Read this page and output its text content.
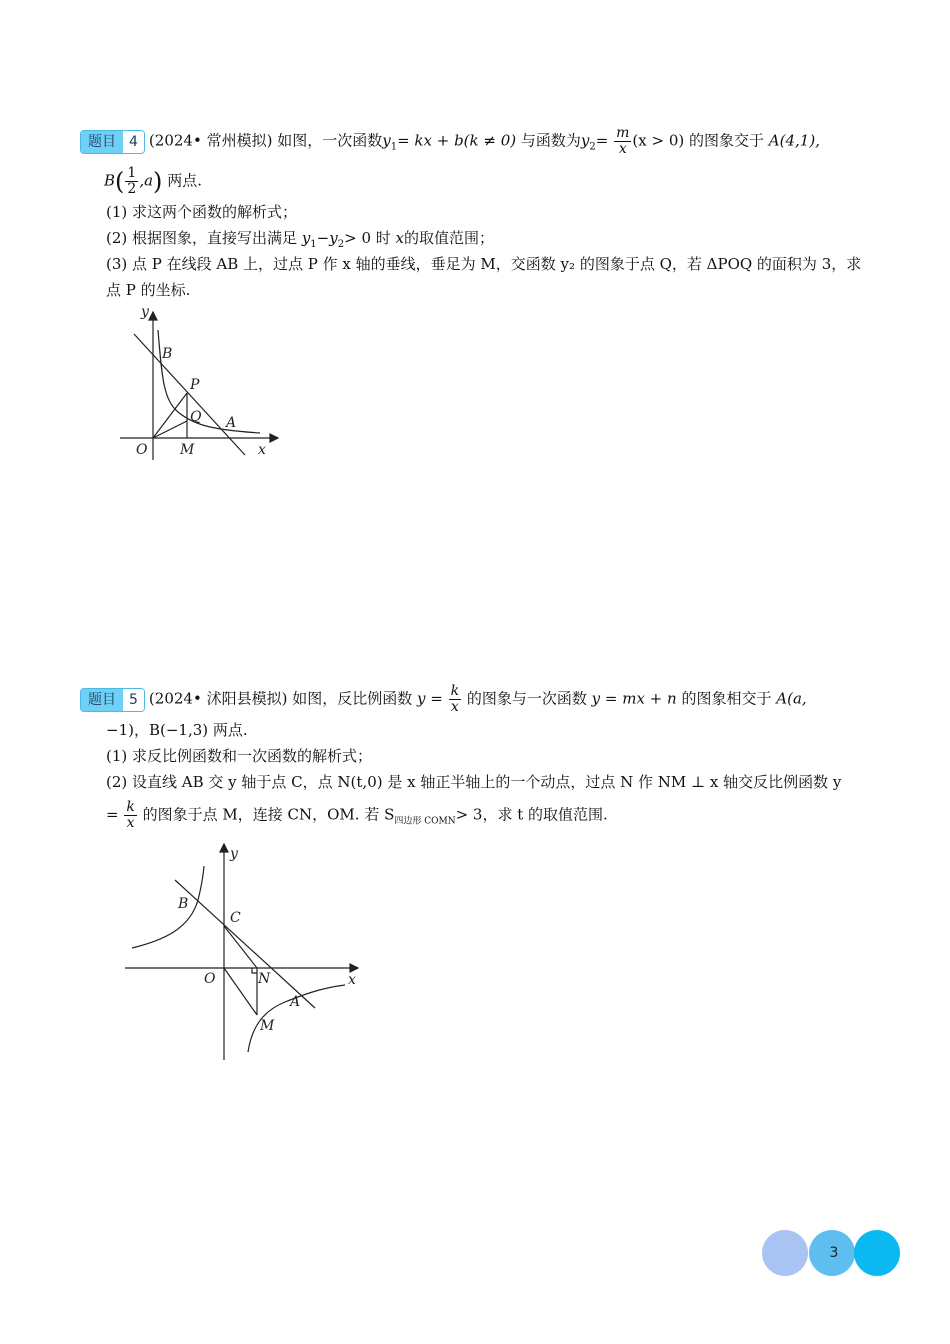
题目 4 (2024• 常州模拟) 如图，一次函数$y_1=$ kx + b(k ≠ 0) 与函数为$y_2= \frac{m}{x} (x > 0)$ 的图象交于 A(4,1),
$B( \frac{1}{2} ,a)$ 两点.
(1) 求这两个函数的解析式；
(2) 根据图象，直接写出满足 $y_1-y_2> 0$ 时 x的取值范围；
(3) 点 P 在线段 AB 上，过点 P 作 x 轴的垂线，垂足为 M，交函数 y₂ 的图象于点 Q，若 ΔPOQ 的面积为 3，求
点 P 的坐标.
y
B
P
Q A
O M	x
题目 5 (2024• 沭阳县模拟) 如图，反比例函数 $y = \frac{k}{x}$ 的图象与一次函数 y = mx + n 的图象相交于 A(a,
−1)，B(−1,3) 两点.
(1) 求反比例函数和一次函数的解析式；
(2) 设直线 AB 交 y 轴于点 C，点 N(t,0) 是 x 轴正半轴上的一个动点，过点 N 作 NM ⊥ x 轴交反比例函数 y
= $\frac{k}{x}$ 的图象于点 M，连接 CN，OM. 若 $S_{四边形 COMN}> 3$，求 t 的取值范围.
y
B
C
O	N
A
M
x
3
